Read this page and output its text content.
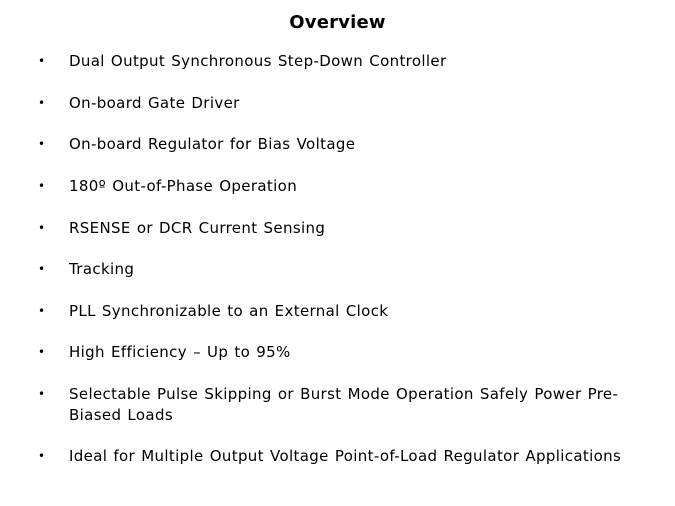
Overview
• Dual Output Synchronous Step-Down Controller
• On-board Gate Driver
• On-board Regulator for Bias Voltage
• 180º Out-of-Phase Operation
• RSENSE or DCR Current Sensing
• Tracking
• PLL Synchronizable to an External Clock
• High Efficiency – Up to 95%
• Selectable Pulse Skipping or Burst Mode Operation Safely Power Pre-Biased Loads
• Ideal for Multiple Output Voltage Point-of-Load Regulator Applications
